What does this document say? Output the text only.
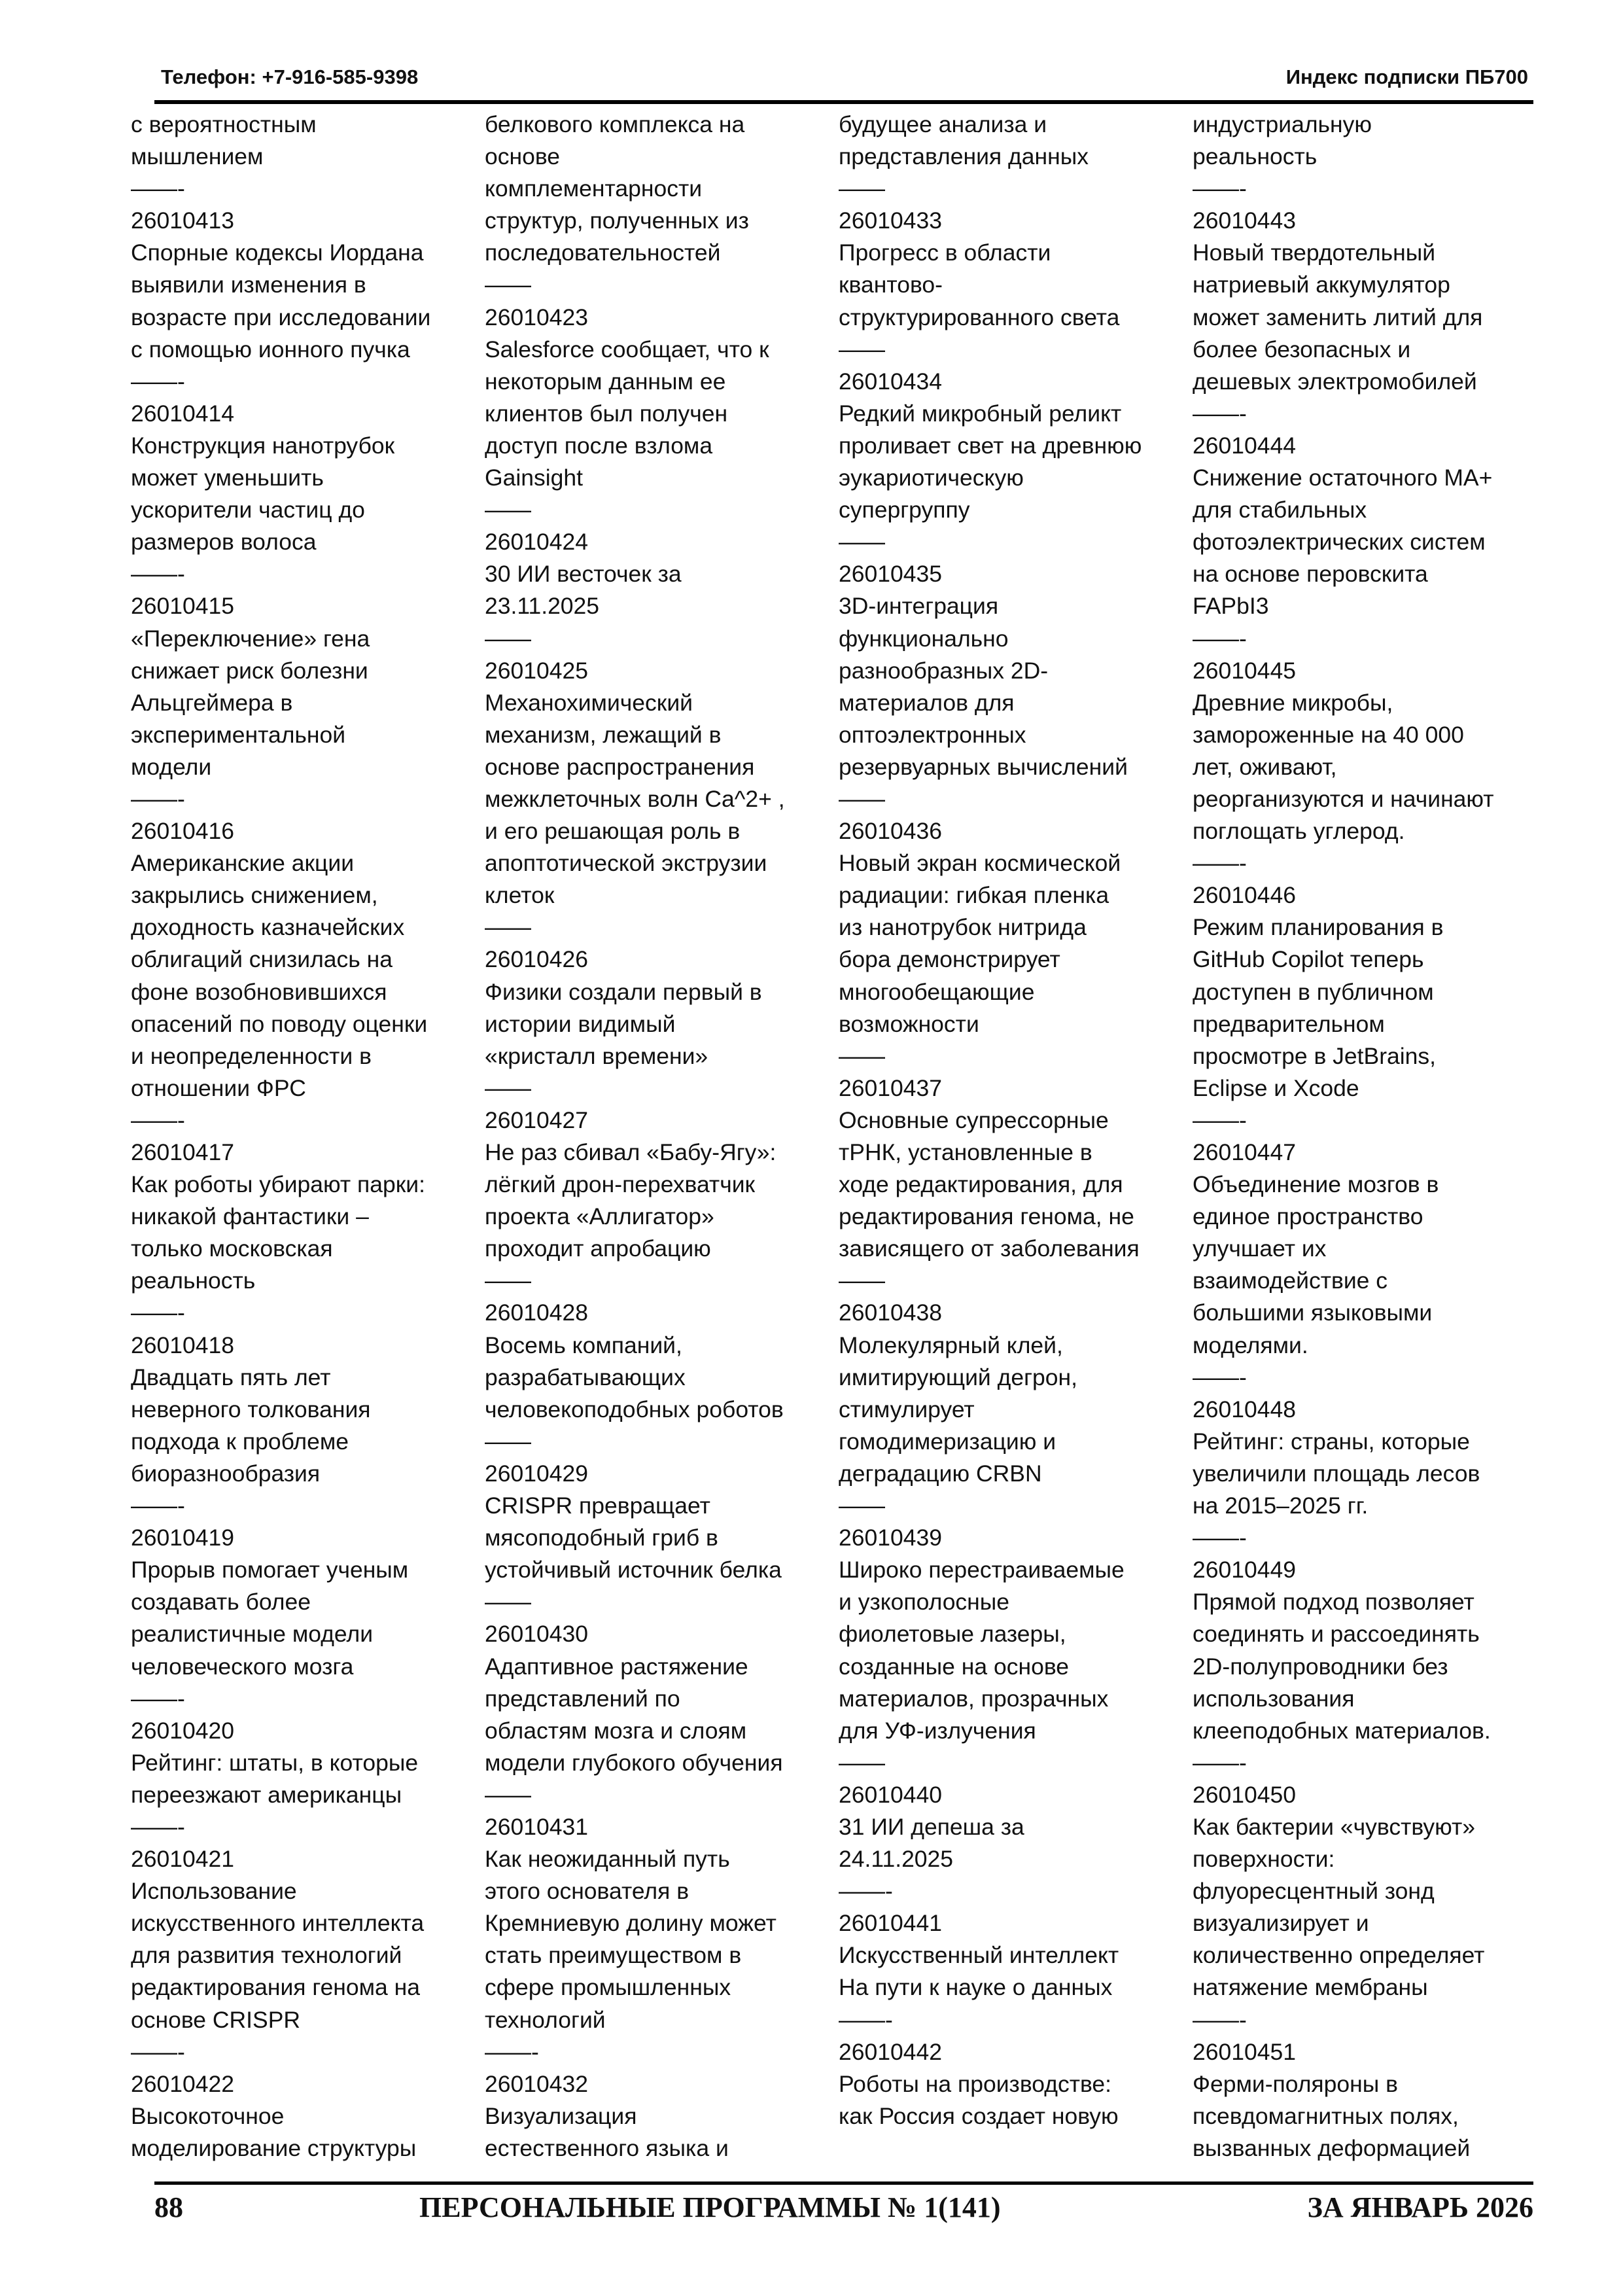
Телефон: +7-916-585-9398	Индекс подписки ПБ700
с вероятностным
мышлением
——-
26010413
Спорные кодексы Иордана
выявили изменения в
возрасте при исследовании
с помощью ионного пучка
——-
26010414
Конструкция нанотрубок
может уменьшить
ускорители частиц до
размеров волоса
——-
26010415
«Переключение» гена
снижает риск болезни
Альцгеймера в
экспериментальной
модели
——-
26010416
Американские акции
закрылись снижением,
доходность казначейских
облигаций снизилась на
фоне возобновившихся
опасений по поводу оценки
и неопределенности в
отношении ФРС
——-
26010417
Как роботы убирают парки:
никакой фантастики –
только московская
реальность
——-
26010418
Двадцать пять лет
неверного толкования
подхода к проблеме
биоразнообразия
——-
26010419
Прорыв помогает ученым
создавать более
реалистичные модели
человеческого мозга
——-
26010420
Рейтинг: штаты, в которые
переезжают американцы
——-
26010421
Использование
искусственного интеллекта
для развития технологий
редактирования генома на
основе CRISPR
——-
26010422
Высокоточное
моделирование структуры
белкового комплекса на
основе
комплементарности
структур, полученных из
последовательностей
——
26010423
Salesforce сообщает, что к
некоторым данным ее
клиентов был получен
доступ после взлома
Gainsight
——
26010424
30 ИИ весточек за
23.11.2025
——
26010425
Механохимический
механизм, лежащий в
основе распространения
межклеточных волн Ca^2+ ,
и его решающая роль в
апоптотической экструзии
клеток
——
26010426
Физики создали первый в
истории видимый
«кристалл времени»
——
26010427
Не раз сбивал «Бабу-Ягу»:
лёгкий дрон-перехватчик
проекта «Аллигатор»
проходит апробацию
——
26010428
Восемь компаний,
разрабатывающих
человекоподобных роботов
——
26010429
CRISPR превращает
мясоподобный гриб в
устойчивый источник белка
——
26010430
Адаптивное растяжение
представлений по
областям мозга и слоям
модели глубокого обучения
——
26010431
Как неожиданный путь
этого основателя в
Кремниевую долину может
стать преимуществом в
сфере промышленных
технологий
——-
26010432
Визуализация
естественного языка и
будущее анализа и
представления данных
——
26010433
Прогресс в области
квантово-
структурированного света
——
26010434
Редкий микробный реликт
проливает свет на древнюю
эукариотическую
супергруппу
——
26010435
3D-интеграция
функционально
разнообразных 2D-
материалов для
оптоэлектронных
резервуарных вычислений
——
26010436
Новый экран космической
радиации: гибкая пленка
из нанотрубок нитрида
бора демонстрирует
многообещающие
возможности
——
26010437
Основные супрессорные
тРНК, установленные в
ходе редактирования, для
редактирования генома, не
зависящего от заболевания
——
26010438
Молекулярный клей,
имитирующий дегрон,
стимулирует
гомодимеризацию и
деградацию CRBN
——
26010439
Широко перестраиваемые
и узкополосные
фиолетовые лазеры,
созданные на основе
материалов, прозрачных
для УФ-излучения
——
26010440
31 ИИ депеша за
24.11.2025
——-
26010441
Искусственный интеллект
На пути к науке о данных
——-
26010442
Роботы на производстве:
как Россия создает новую
индустриальную
реальность
——-
26010443
Новый твердотельный
натриевый аккумулятор
может заменить литий для
более безопасных и
дешевых электромобилей
——-
26010444
Снижение остаточного MA+
для стабильных
фотоэлектрических систем
на основе перовскита
FAPbI3
——-
26010445
Древние микробы,
замороженные на 40 000
лет, оживают,
реорганизуются и начинают
поглощать углерод.
——-
26010446
Режим планирования в
GitHub Copilot теперь
доступен в публичном
предварительном
просмотре в JetBrains,
Eclipse и Xcode
——-
26010447
Объединение мозгов в
единое пространство
улучшает их
взаимодействие с
большими языковыми
моделями.
——-
26010448
Рейтинг: страны, которые
увеличили площадь лесов
на 2015–2025 гг.
——-
26010449
Прямой подход позволяет
соединять и рассоединять
2D-полупроводники без
использования
клееподобных материалов.
——-
26010450
Как бактерии «чувствуют»
поверхности:
флуоресцентный зонд
визуализирует и
количественно определяет
натяжение мембраны
——-
26010451
Ферми-поляроны в
псевдомагнитных полях,
вызванных деформацией
88	ПЕРСОНАЛЬНЫЕ ПРОГРАММЫ № 1(141)	ЗА ЯНВАРЬ 2026
